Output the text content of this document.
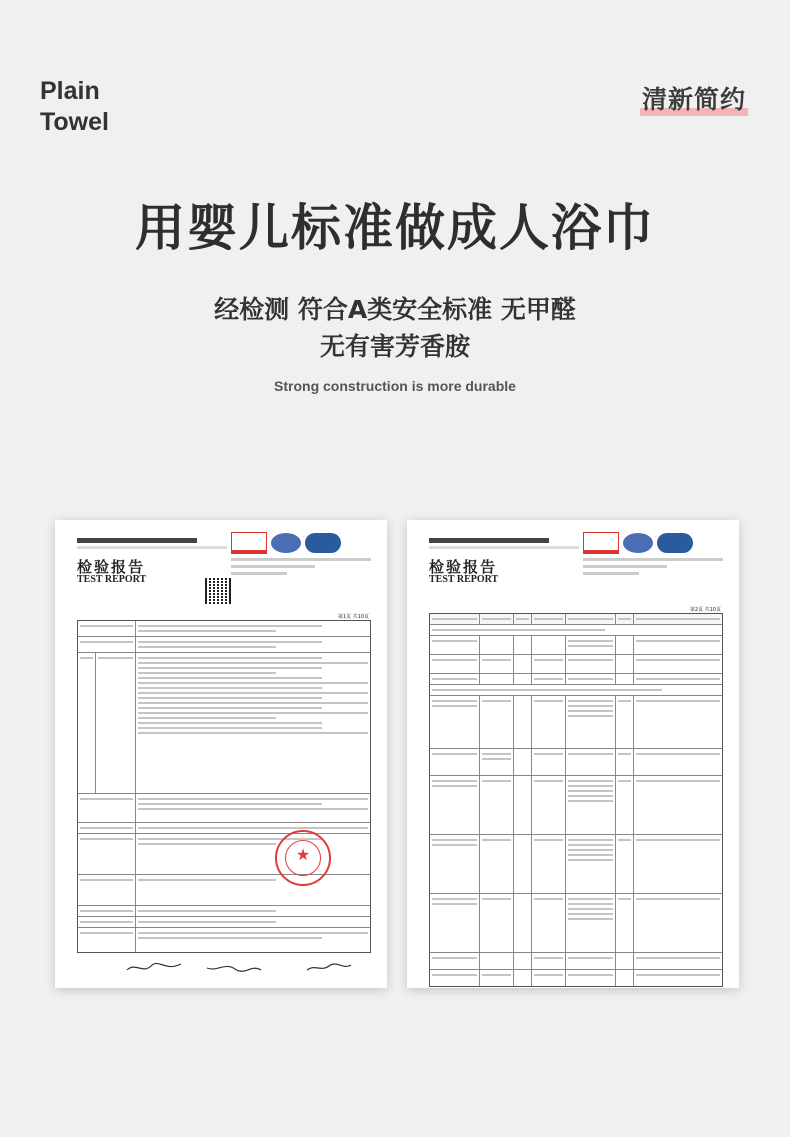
Plain
Towel
清新简约
用婴儿标准做成人浴巾
经检测 符合A类安全标准 无甲醛
无有害芳香胺
Strong construction is more durable
检验报告
TEST REPORT
第1页 共10页
★
检验报告
TEST REPORT
第2页 共10页
